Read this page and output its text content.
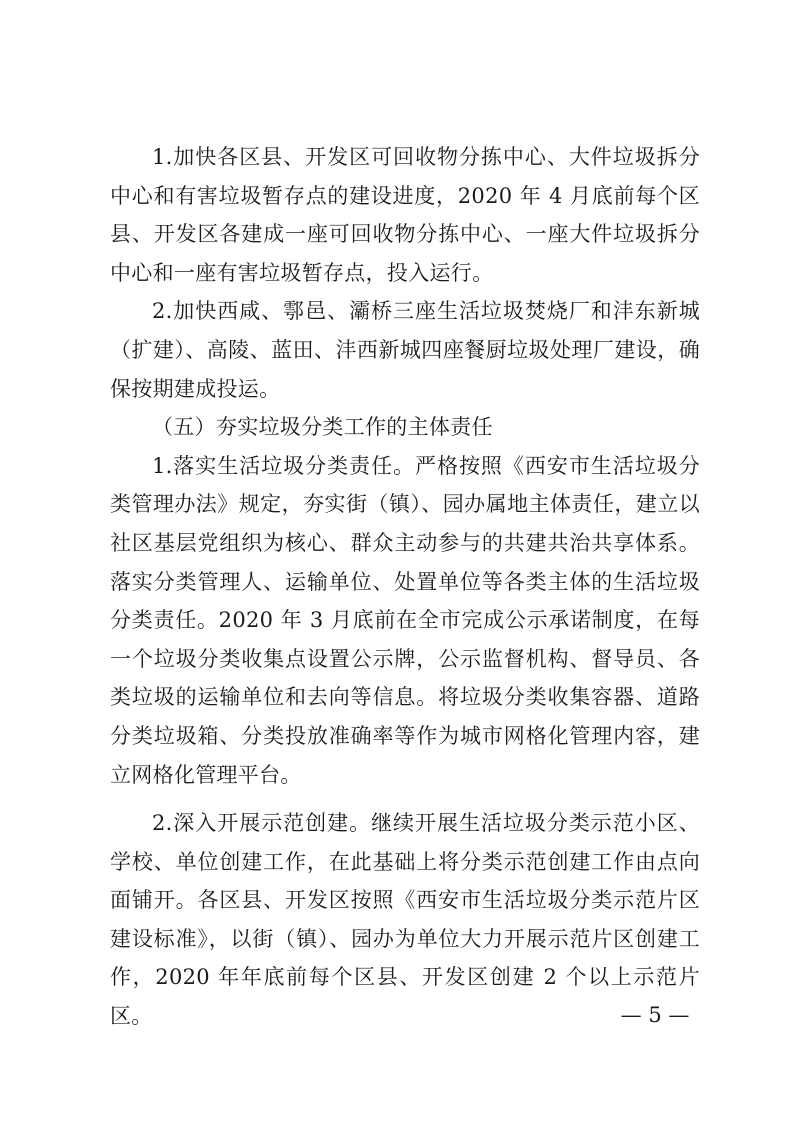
1.加快各区县、开发区可回收物分拣中心、大件垃圾拆分中心和有害垃圾暂存点的建设进度，2020 年 4 月底前每个区县、开发区各建成一座可回收物分拣中心、一座大件垃圾拆分中心和一座有害垃圾暂存点，投入运行。

2.加快西咸、鄠邑、灞桥三座生活垃圾焚烧厂和沣东新城（扩建）、高陵、蓝田、沣西新城四座餐厨垃圾处理厂建设，确保按期建成投运。

（五）夯实垃圾分类工作的主体责任

1.落实生活垃圾分类责任。严格按照《西安市生活垃圾分类管理办法》规定，夯实街（镇）、园办属地主体责任，建立以社区基层党组织为核心、群众主动参与的共建共治共享体系。落实分类管理人、运输单位、处置单位等各类主体的生活垃圾分类责任。2020 年 3 月底前在全市完成公示承诺制度，在每一个垃圾分类收集点设置公示牌，公示监督机构、督导员、各类垃圾的运输单位和去向等信息。将垃圾分类收集容器、道路分类垃圾箱、分类投放准确率等作为城市网格化管理内容，建立网格化管理平台。

2.深入开展示范创建。继续开展生活垃圾分类示范小区、学校、单位创建工作，在此基础上将分类示范创建工作由点向面铺开。各区县、开发区按照《西安市生活垃圾分类示范片区建设标准》，以街（镇）、园办为单位大力开展示范片区创建工作，2020 年年底前每个区县、开发区创建 2 个以上示范片区。	— 5 —
